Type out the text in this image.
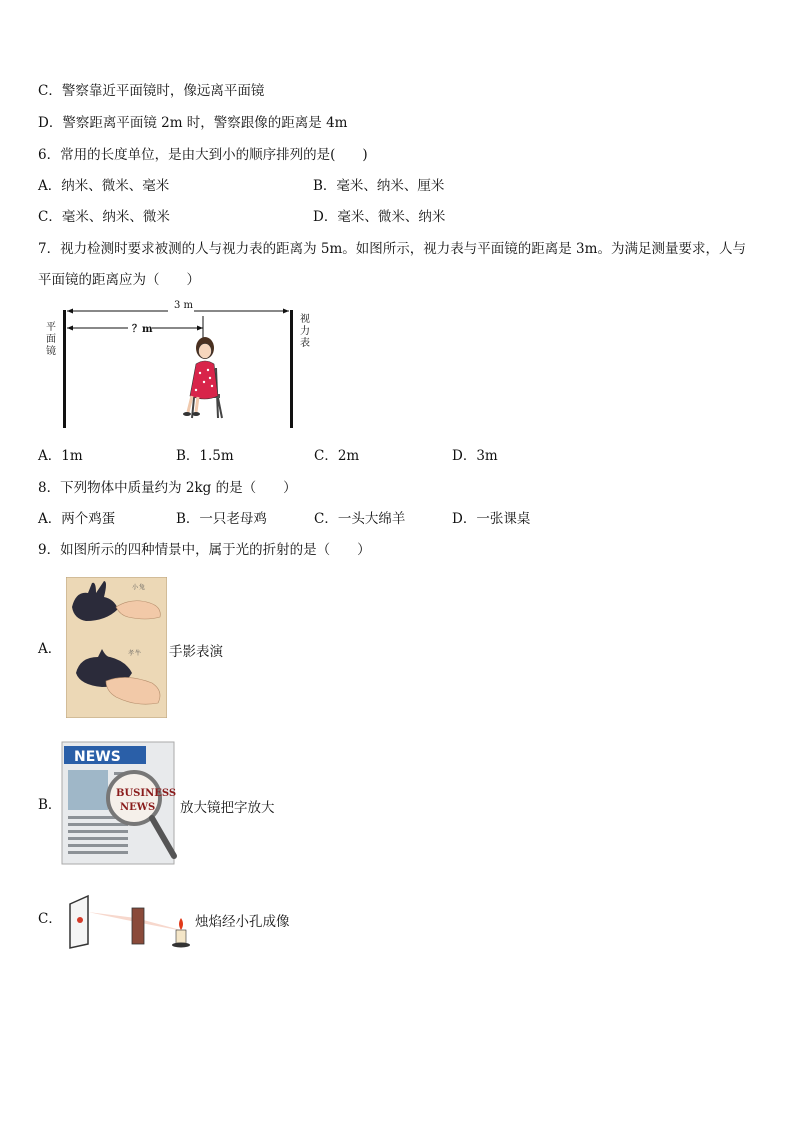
C．警察靠近平面镜时，像远离平面镜
D．警察距离平面镜 2m 时，警察跟像的距离是 4m
6．常用的长度单位，是由大到小的顺序排列的是(　　)
A．纳米、微米、毫米	B．毫米、纳米、厘米
C．毫米、纳米、微米	D．毫米、微米、纳米
7．视力检测时要求被测的人与视力表的距离为 5m。如图所示，视力表与平面镜的距离是 3m。为满足测量要求，人与
平面镜的距离应为（　　）
3 m
？m
平
面
镜
视
力
表
A．1m	B．1.5m	C．2m	D．3m
8．下列物体中质量约为 2kg 的是（　　）
A．两个鸡蛋	B．一只老母鸡	C．一头大绵羊	D．一张课桌
9．如图所示的四种情景中，属于光的折射的是（　　）
A．
小 兔
孝 牛 手影表演
B．
NEWS
BUSINESS
NEWS 放大镜把字放大
C．	烛焰经小孔成像
